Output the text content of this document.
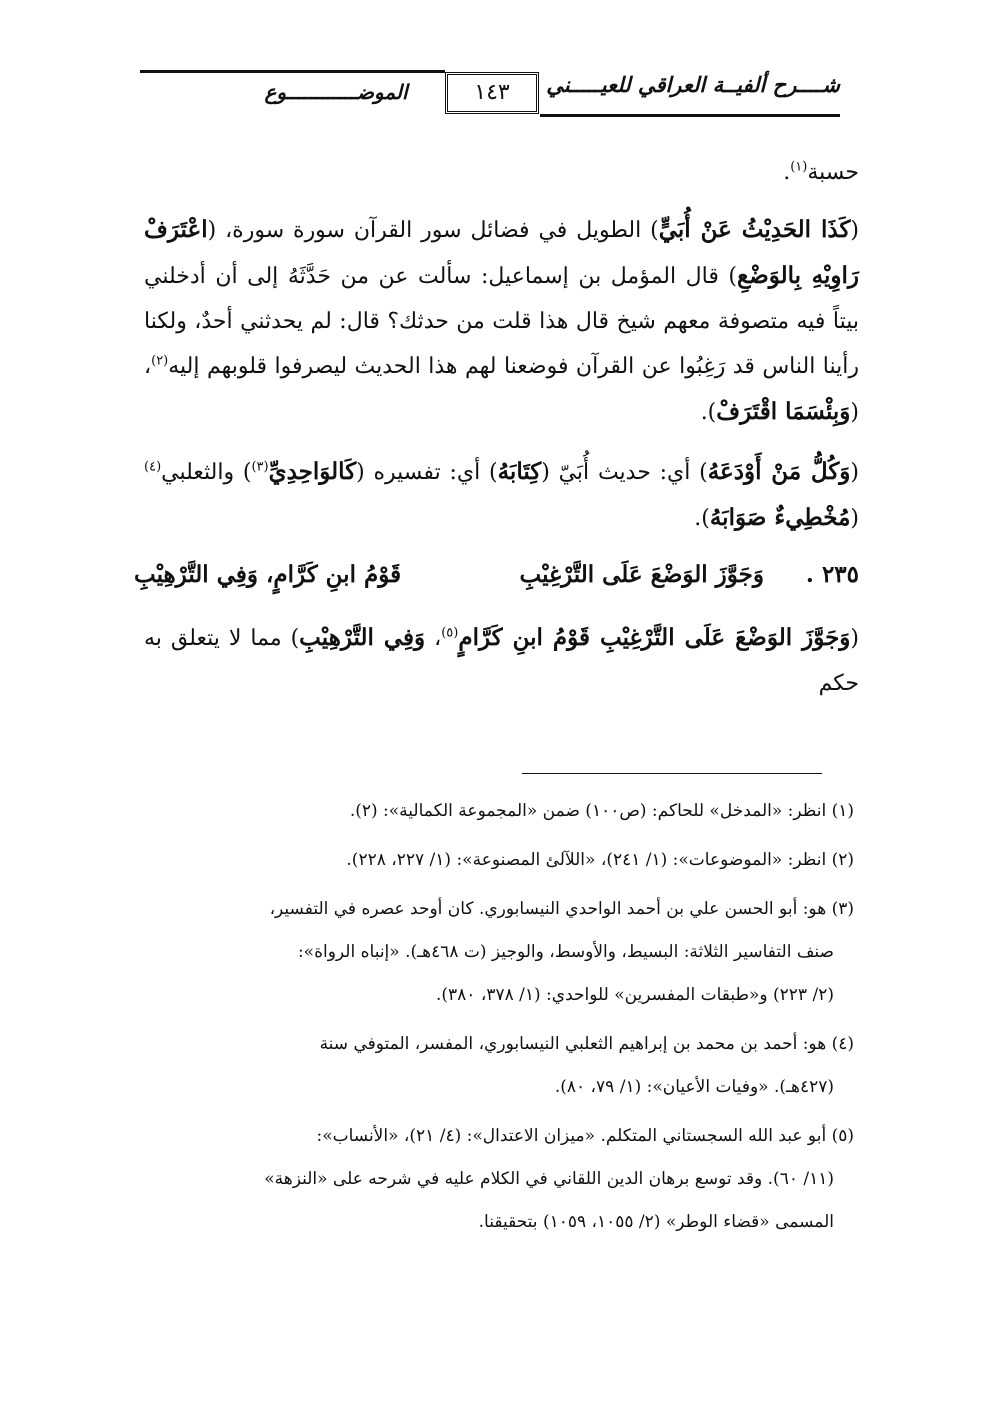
شــــرح ألفيــة العراقي للعيـــــني
١٤٣
الموضــــــــــــوع

حسبة$^{(١)}$.

(كَذَا الحَدِيْثُ عَنْ أُبَيٍّ) الطويل في فضائل سور القرآن سورة سورة، (اعْتَرَفْ رَاوِيْهِ بِالوَضْعِ) قال المؤمل بن إسماعيل: سألت عن من حَدَّثَهُ إلى أن أدخلني بيتاً فيه متصوفة معهم شيخ قال هذا قلت من حدثك؟ قال: لم يحدثني أحدٌ، ولكنا رأينا الناس قد رَغِبُوا عن القرآن فوضعنا لهم هذا الحديث ليصرفوا قلوبهم إليه$^{(٢)}$، (وَبِئْسَمَا اقْتَرَفْ).

(وَكُلُّ مَنْ أَوْدَعَهُ) أي: حديث أُبَيّ (كِتَابَهُ) أي: تفسيره (كَالوَاحِدِيِّ$^{(٣)}$) والثعلبي$^{(٤)}$ (مُخْطِيءٌ صَوَابَهُ).

٢٣٥ .
وَجَوَّزَ الوَضْعَ عَلَى التَّرْغِيْبِ
قَوْمُ ابنِ كَرَّامٍ، وَفِي التَّرْهِيْبِ

(وَجَوَّزَ الوَضْعَ عَلَى التَّرْغِيْبِ قَوْمُ ابنِ كَرَّامٍ$^{(٥)}$، وَفِي التَّرْهِيْبِ) مما لا يتعلق به حكم

(١) انظر: «المدخل» للحاكم: (ص١٠٠) ضمن «المجموعة الكمالية»: (٢).

(٢) انظر: «الموضوعات»: (١/ ٢٤١)، «اللآلئ المصنوعة»: (١/ ٢٢٧، ٢٢٨).

(٣) هو: أبو الحسن علي بن أحمد الواحدي النيسابوري. كان أوحد عصره في التفسير،
صنف التفاسير الثلاثة: البسيط، والأوسط، والوجيز (ت ٤٦٨هـ). «إنباه الرواة»:
(٢/ ٢٢٣) و«طبقات المفسرين» للواحدي: (١/ ٣٧٨، ٣٨٠).

(٤) هو: أحمد بن محمد بن إبراهيم الثعلبي النيسابوري، المفسر، المتوفي سنة
(٤٢٧هـ). «وفيات الأعيان»: (١/ ٧٩، ٨٠).

(٥) أبو عبد الله السجستاني المتكلم. «ميزان الاعتدال»: (٤/ ٢١)، «الأنساب»:
(١١/ ٦٠). وقد توسع برهان الدين اللقاني في الكلام عليه في شرحه على «النزهة»
المسمى «قضاء الوطر» (٢/ ١٠٥٥، ١٠٥٩) بتحقيقنا.
